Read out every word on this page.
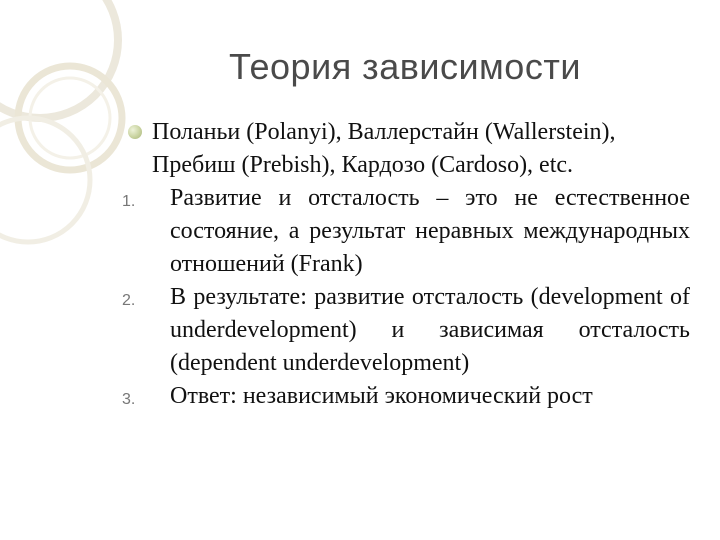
Теория зависимости
Поланьи (Polanyi), Валлерстайн (Wallerstein), Пребиш (Prebish), Кардозо (Cardoso), etc.
1. Развитие и отсталость – это не естественное состояние, а результат неравных международных отношений (Frank)
2. В результате: развитие отсталость (development of underdevelopment) и зависимая отсталость (dependent underdevelopment)
3. Ответ: независимый экономический рост
